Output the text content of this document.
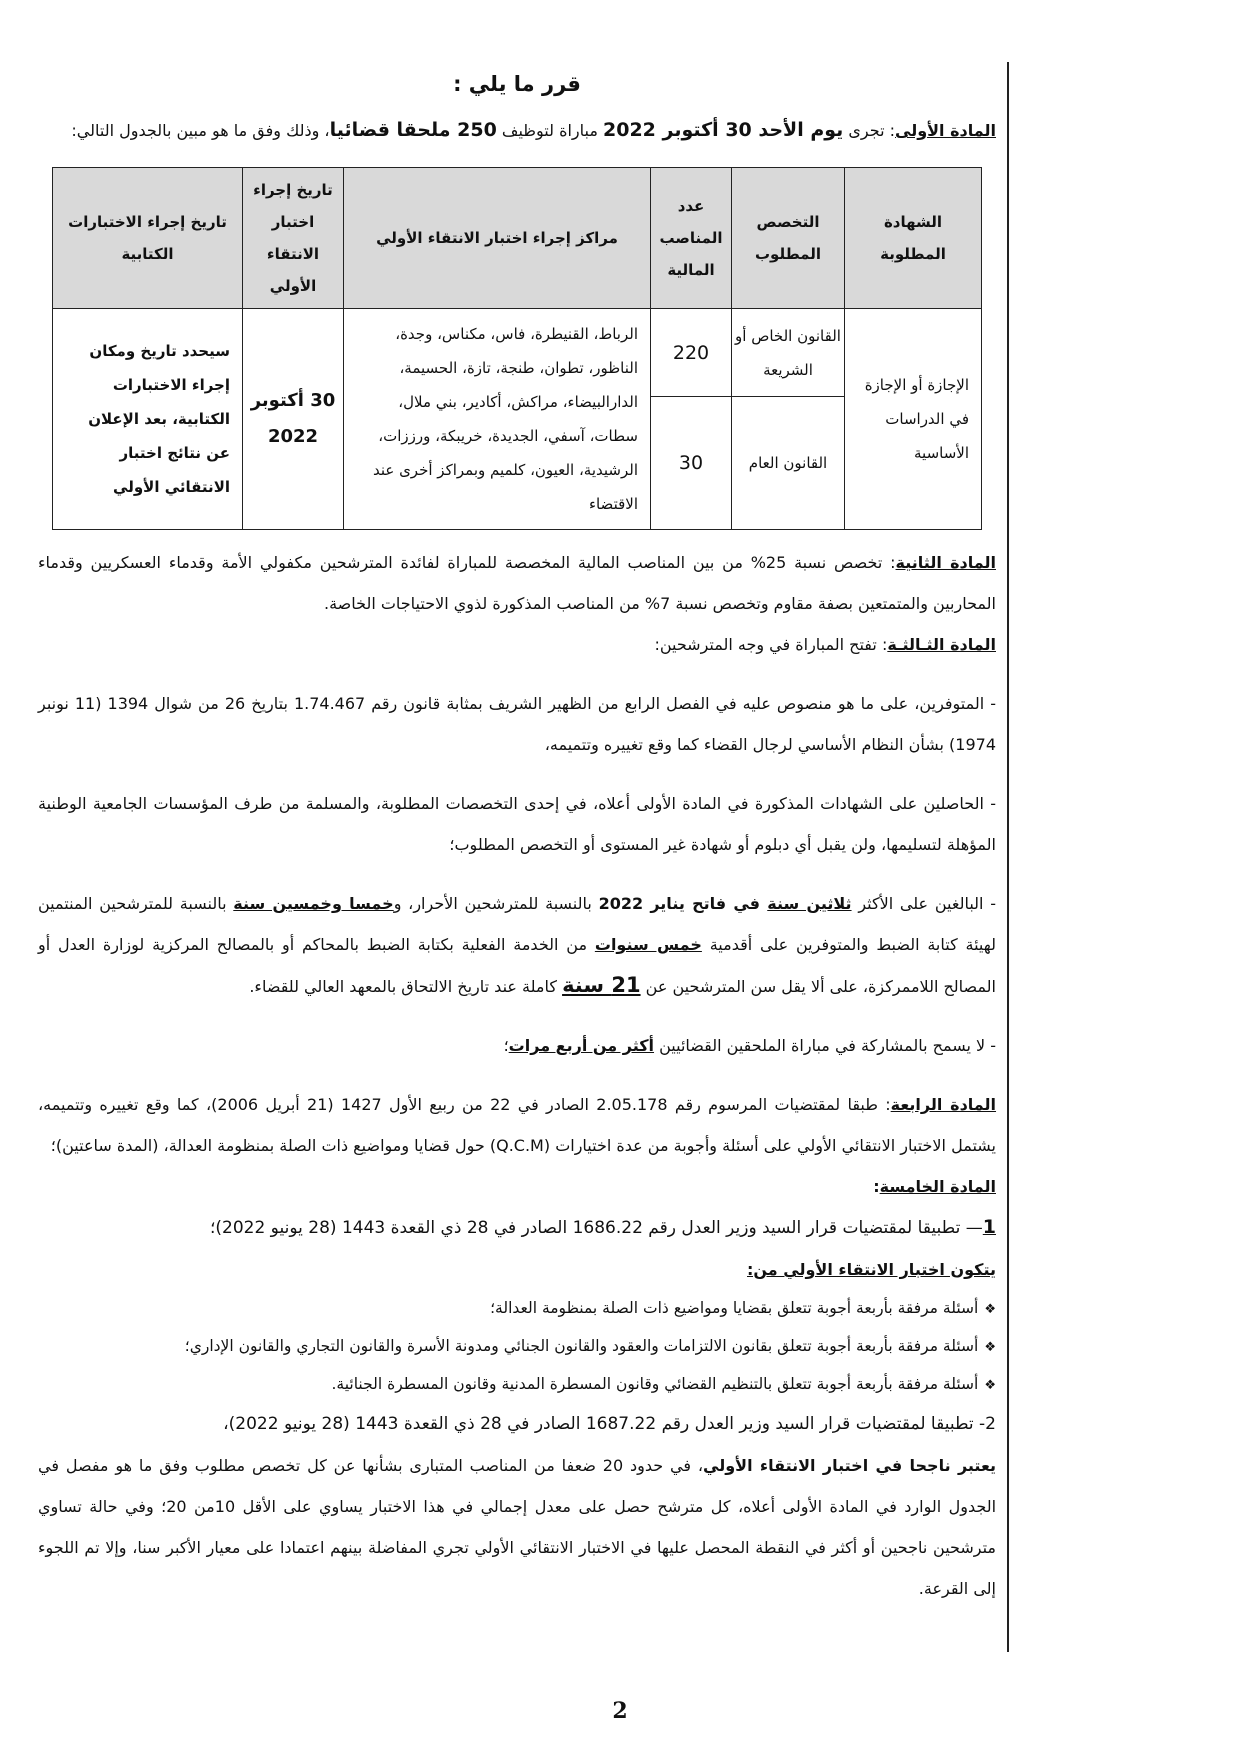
قرر ما يلي :

المادة الأولى: تجرى يوم الأحد 30 أكتوبر 2022 مباراة لتوظيف 250 ملحقا قضائيا، وذلك وفق ما هو مبين بالجدول التالي:

الشهادة المطلوبة	التخصص المطلوب	عدد المناصب المالية	مراكز إجراء اختبار الانتقاء الأولي	تاريخ إجراء اختبار الانتقاء الأولي	تاريخ إجراء الاختبارات الكتابية
الإجازة أو الإجازة في الدراسات الأساسية	القانون الخاص أو الشريعة	220	الرباط، القنيطرة، فاس، مكناس، وجدة، الناظور، تطوان، طنجة، تازة، الحسيمة، الدارالبيضاء، مراكش، أكادير، بني ملال، سطات، آسفي، الجديدة، خريبكة، ورززات، الرشيدية، العيون، كلميم وبمراكز أخرى عند الاقتضاء	30 أكتوبر 2022	سيحدد تاريخ ومكان إجراء الاختبارات الكتابية، بعد الإعلان عن نتائج اختبار الانتقائي الأولي
	القانون العام	30			

المادة الثانية: تخصص نسبة 25% من بين المناصب المالية المخصصة للمباراة لفائدة المترشحين مكفولي الأمة وقدماء العسكريين وقدماء المحاربين والمتمتعين بصفة مقاوم وتخصص نسبة 7% من المناصب المذكورة لذوي الاحتياجات الخاصة.

المادة الثـالثـة: تفتح المباراة في وجه المترشحين:

- المتوفرين، على ما هو منصوص عليه في الفصل الرابع من الظهير الشريف بمثابة قانون رقم 1.74.467 بتاريخ 26 من شوال 1394 (11 نونبر 1974) بشأن النظام الأساسي لرجال القضاء كما وقع تغييره وتتميمه،

- الحاصلين على الشهادات المذكورة في المادة الأولى أعلاه، في إحدى التخصصات المطلوبة، والمسلمة من طرف المؤسسات الجامعية الوطنية المؤهلة لتسليمها، ولن يقبل أي دبلوم أو شهادة غير المستوى أو التخصص المطلوب؛

- البالغين على الأكثر ثلاثين سنة في فاتح يناير 2022 بالنسبة للمترشحين الأحرار، وخمسا وخمسين سنة بالنسبة للمترشحين المنتمين لهيئة كتابة الضبط والمتوفرين على أقدمية خمس سنوات من الخدمة الفعلية بكتابة الضبط بالمحاكم أو بالمصالح المركزية لوزارة العدل أو المصالح اللاممركزة، على ألا يقل سن المترشحين عن 21 سنة كاملة عند تاريخ الالتحاق بالمعهد العالي للقضاء.

- لا يسمح بالمشاركة في مباراة الملحقين القضائيين أكثر من أربع مرات؛

المادة الرابعة: طبقا لمقتضيات المرسوم رقم 2.05.178 الصادر في 22 من ربيع الأول 1427 (21 أبريل 2006)، كما وقع تغييره وتتميمه، يشتمل الاختبار الانتقائي الأولي على أسئلة وأجوبة من عدة اختيارات (Q.C.M) حول قضايا ومواضيع ذات الصلة بمنظومة العدالة، (المدة ساعتين)؛

المادة الخامسة:

1— تطبيقا لمقتضيات قرار السيد وزير العدل رقم 1686.22 الصادر في 28 ذي القعدة 1443 (28 يونيو 2022)؛

يتكون اختبار الانتقاء الأولي من:

❖أسئلة مرفقة بأربعة أجوبة تتعلق بقضايا ومواضيع ذات الصلة بمنظومة العدالة؛
❖أسئلة مرفقة بأربعة أجوبة تتعلق بقانون الالتزامات والعقود والقانون الجنائي ومدونة الأسرة والقانون التجاري والقانون الإداري؛
❖أسئلة مرفقة بأربعة أجوبة تتعلق بالتنظيم القضائي وقانون المسطرة المدنية وقانون المسطرة الجنائية.

2- تطبيقا لمقتضيات قرار السيد وزير العدل رقم 1687.22 الصادر في 28 ذي القعدة 1443 (28 يونيو 2022)،

يعتبر ناجحا في اختبار الانتقاء الأولي، في حدود 20 ضعفا من المناصب المتبارى بشأنها عن كل تخصص مطلوب وفق ما هو مفصل في الجدول الوارد في المادة الأولى أعلاه، كل مترشح حصل على معدل إجمالي في هذا الاختبار يساوي على الأقل 10من 20؛ وفي حالة تساوي مترشحين ناجحين أو أكثر في النقطة المحصل عليها في الاختبار الانتقائي الأولي تجري المفاضلة بينهم اعتمادا على معيار الأكبر سنا، وإلا تم اللجوء إلى القرعة.

2
